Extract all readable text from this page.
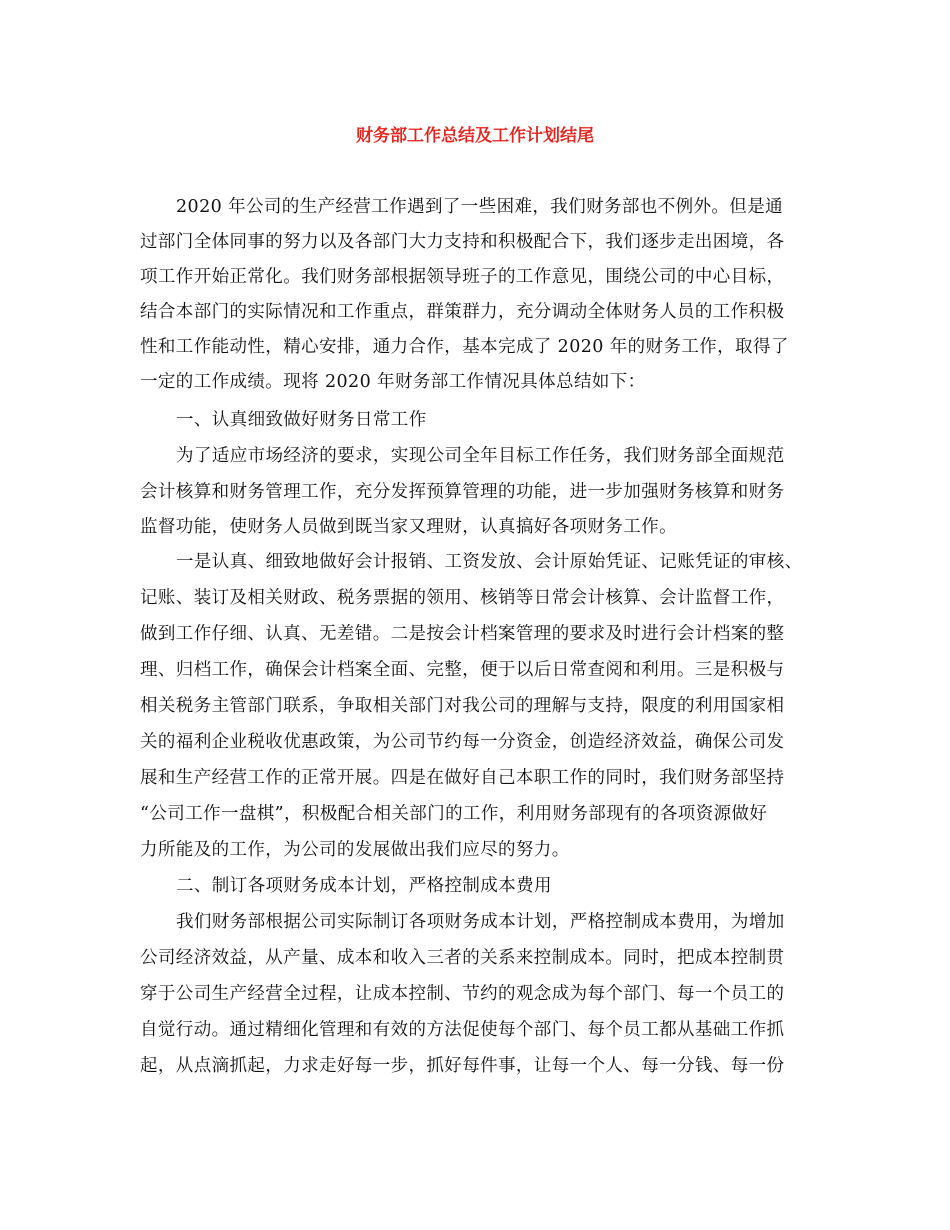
财务部工作总结及工作计划结尾
2020 年公司的生产经营工作遇到了一些困难，我们财务部也不例外。但是通
过部门全体同事的努力以及各部门大力支持和积极配合下，我们逐步走出困境，各
项工作开始正常化。我们财务部根据领导班子的工作意见，围绕公司的中心目标，
结合本部门的实际情况和工作重点，群策群力，充分调动全体财务人员的工作积极
性和工作能动性，精心安排，通力合作，基本完成了 2020 年的财务工作，取得了
一定的工作成绩。现将 2020 年财务部工作情况具体总结如下：
一、认真细致做好财务日常工作
为了适应市场经济的要求，实现公司全年目标工作任务，我们财务部全面规范
会计核算和财务管理工作，充分发挥预算管理的功能，进一步加强财务核算和财务
监督功能，使财务人员做到既当家又理财，认真搞好各项财务工作。
一是认真、细致地做好会计报销、工资发放、会计原始凭证、记账凭证的审核、
记账、装订及相关财政、税务票据的领用、核销等日常会计核算、会计监督工作，
做到工作仔细、认真、无差错。二是按会计档案管理的要求及时进行会计档案的整
理、归档工作，确保会计档案全面、完整，便于以后日常查阅和利用。三是积极与
相关税务主管部门联系，争取相关部门对我公司的理解与支持，限度的利用国家相
关的福利企业税收优惠政策，为公司节约每一分资金，创造经济效益，确保公司发
展和生产经营工作的正常开展。四是在做好自己本职工作的同时，我们财务部坚持
“公司工作一盘棋”，积极配合相关部门的工作，利用财务部现有的各项资源做好
力所能及的工作，为公司的发展做出我们应尽的努力。
二、制订各项财务成本计划，严格控制成本费用
我们财务部根据公司实际制订各项财务成本计划，严格控制成本费用，为增加
公司经济效益，从产量、成本和收入三者的关系来控制成本。同时，把成本控制贯
穿于公司生产经营全过程，让成本控制、节约的观念成为每个部门、每一个员工的
自觉行动。通过精细化管理和有效的方法促使每个部门、每个员工都从基础工作抓
起，从点滴抓起，力求走好每一步，抓好每件事，让每一个人、每一分钱、每一份
